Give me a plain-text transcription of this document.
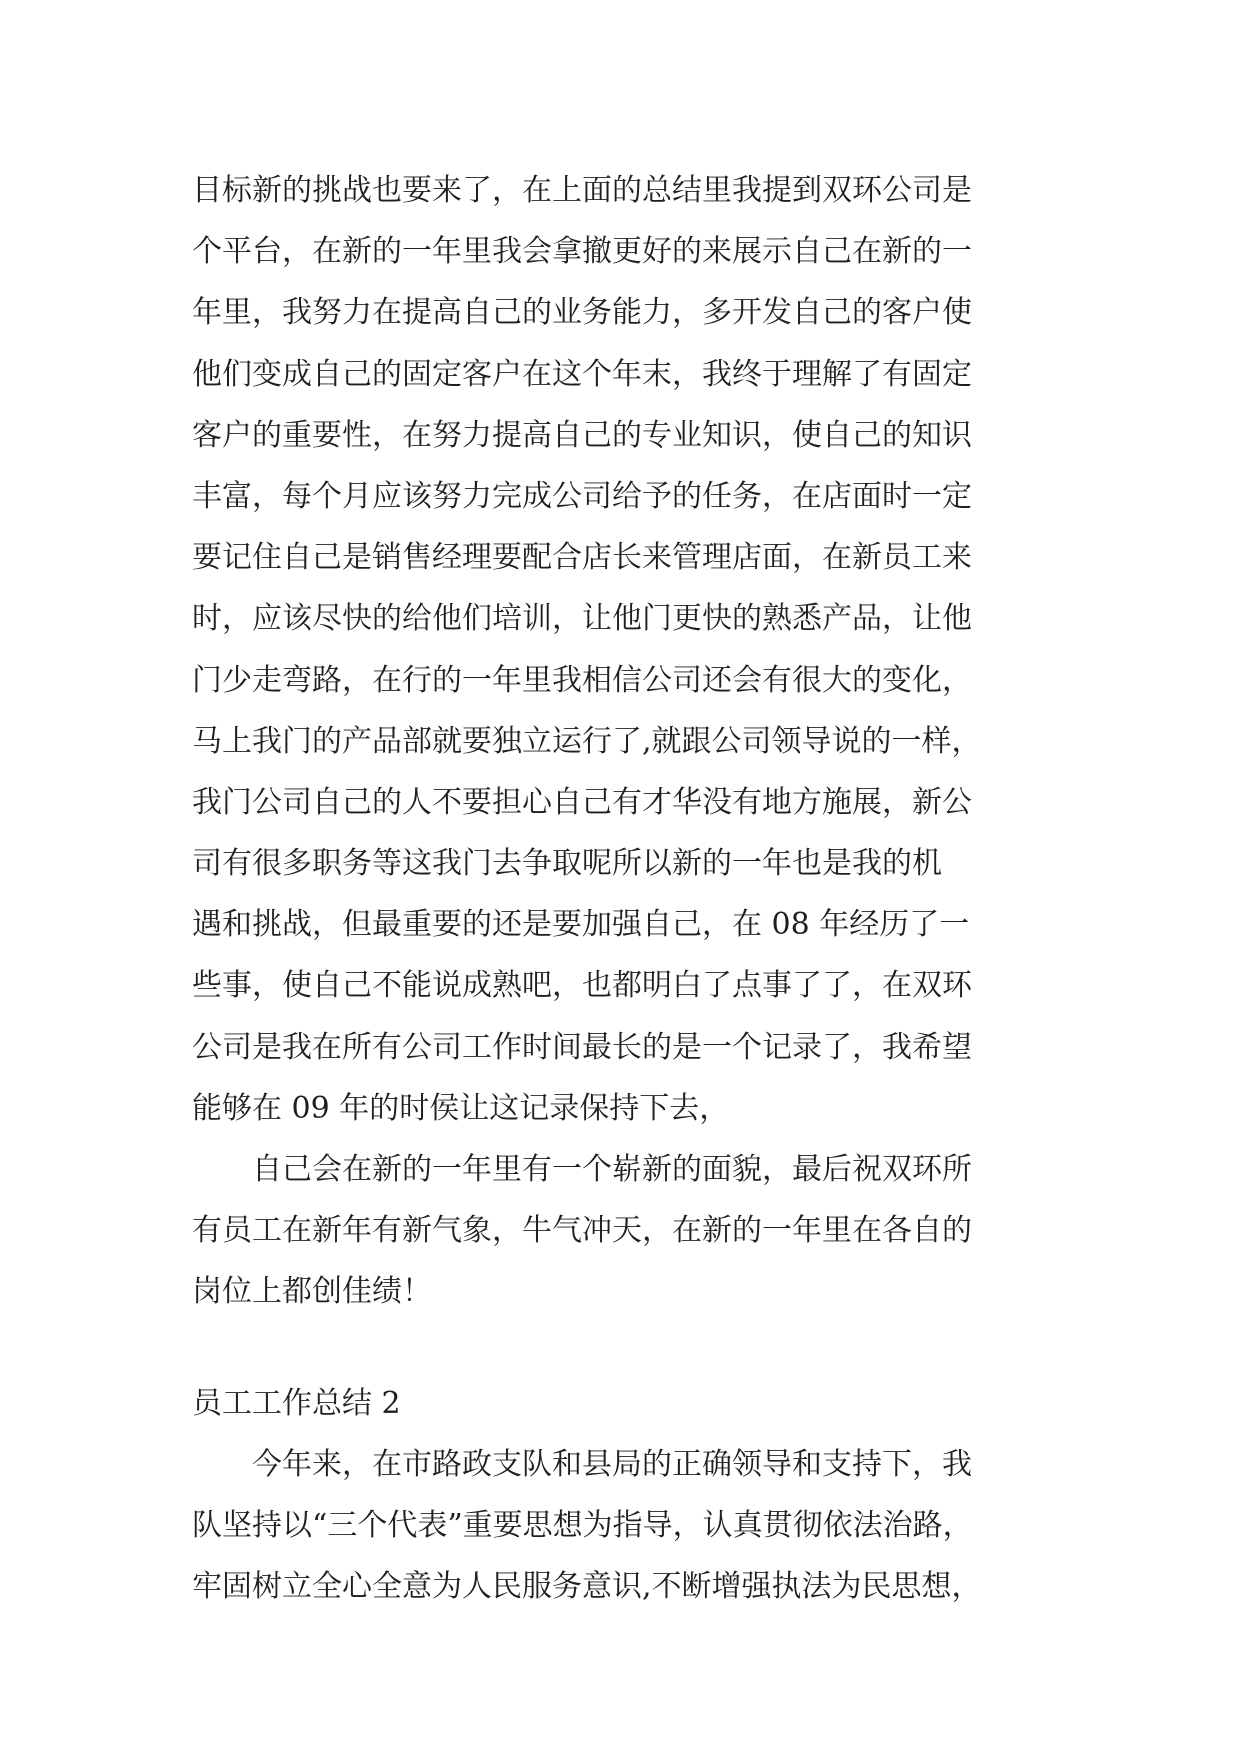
目标新的挑战也要来了，在上面的总结里我提到双环公司是
个平台，在新的一年里我会拿撤更好的来展示自己在新的一
年里，我努力在提高自己的业务能力，多开发自己的客户使
他们变成自己的固定客户在这个年末，我终于理解了有固定
客户的重要性，在努力提高自己的专业知识，使自己的知识
丰富，每个月应该努力完成公司给予的任务，在店面时一定
要记住自己是销售经理要配合店长来管理店面，在新员工来
时，应该尽快的给他们培训，让他门更快的熟悉产品，让他
门少走弯路，在行的一年里我相信公司还会有很大的变化，
马上我门的产品部就要独立运行了,就跟公司领导说的一样，
我门公司自己的人不要担心自己有才华没有地方施展，新公
司有很多职务等这我门去争取呢所以新的一年也是我的机
遇和挑战，但最重要的还是要加强自己，在 08 年经历了一
些事，使自己不能说成熟吧，也都明白了点事了了，在双环
公司是我在所有公司工作时间最长的是一个记录了，我希望
能够在 09 年的时侯让这记录保持下去，
自己会在新的一年里有一个崭新的面貌，最后祝双环所
有员工在新年有新气象，牛气冲天，在新的一年里在各自的
岗位上都创佳绩！
员工工作总结 2
今年来，在市路政支队和县局的正确领导和支持下，我
队坚持以“三个代表”重要思想为指导，认真贯彻依法治路，
牢固树立全心全意为人民服务意识,不断增强执法为民思想，
